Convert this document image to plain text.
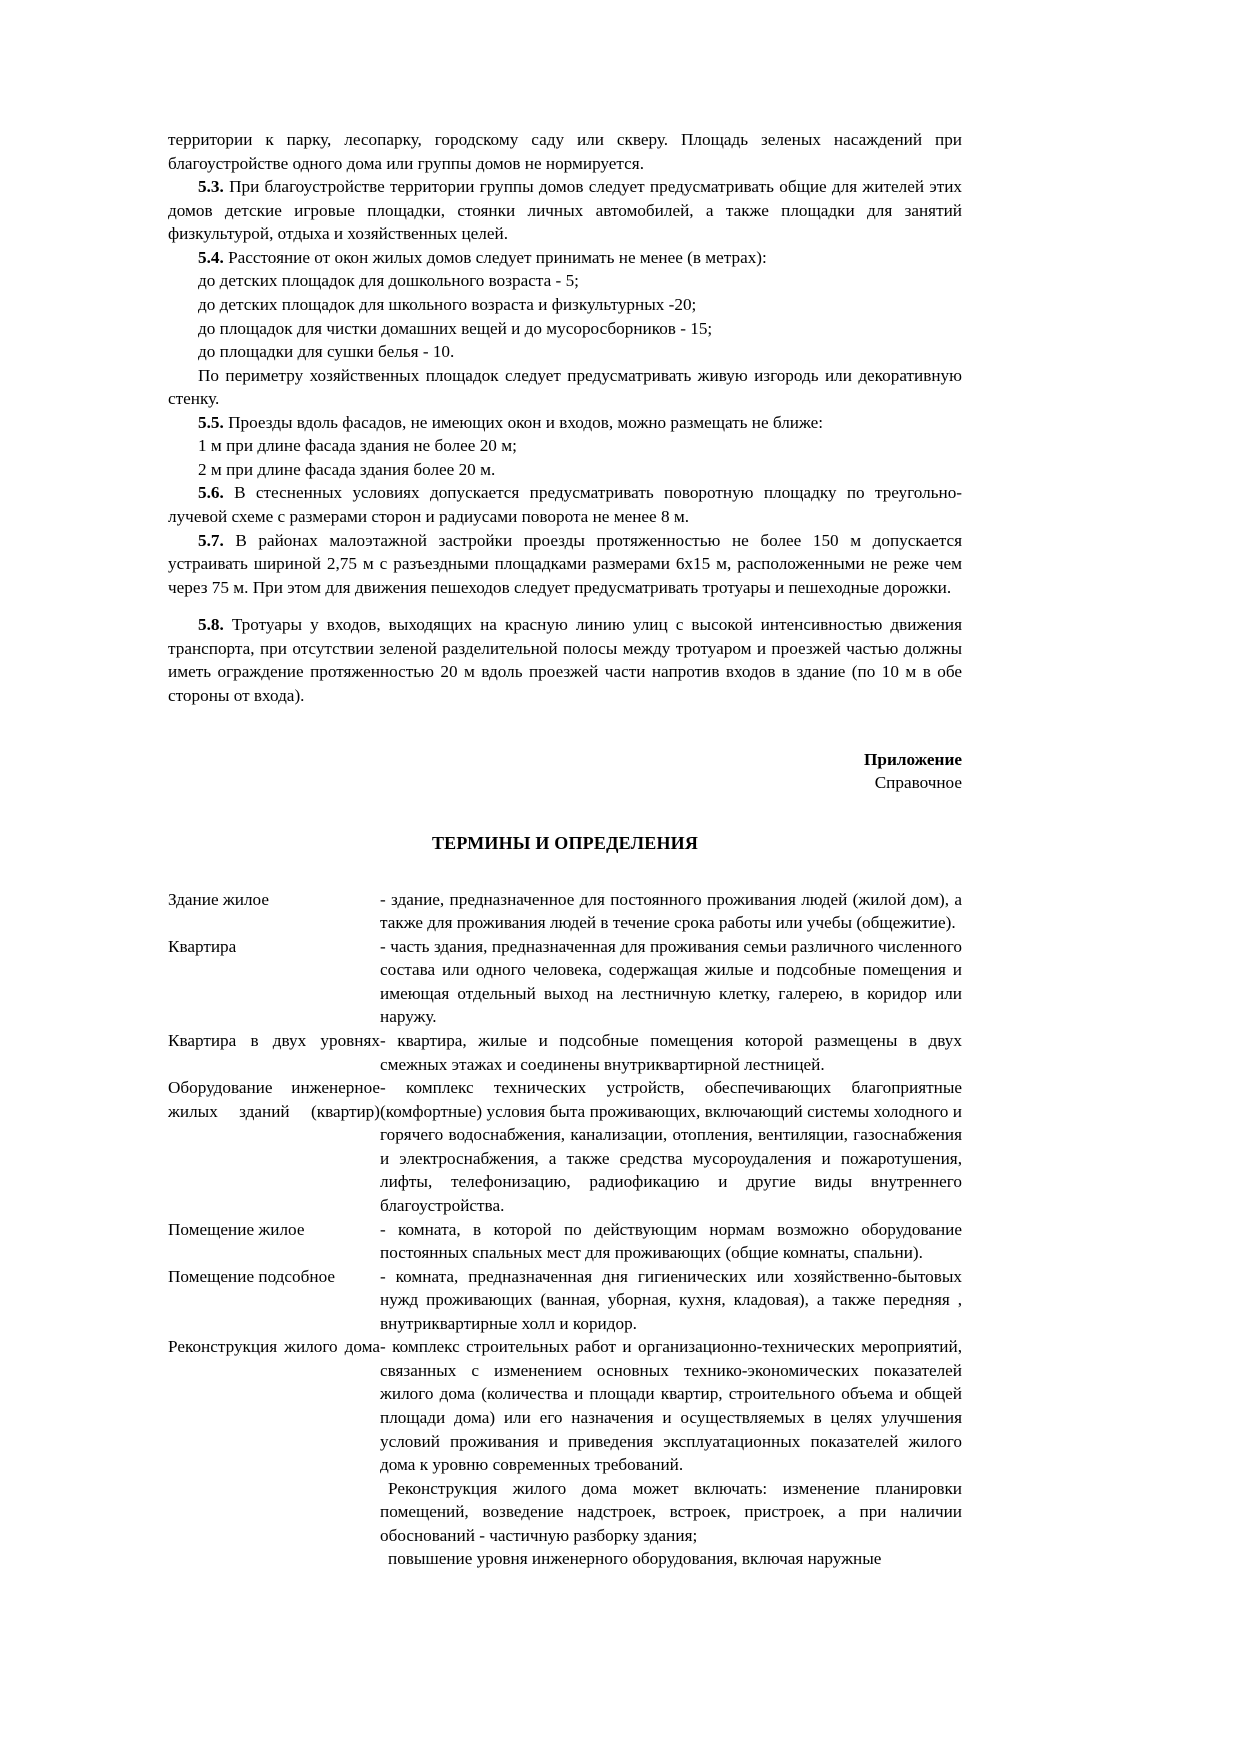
территории к парку, лесопарку, городскому саду или скверу. Площадь зеленых насаждений при благоустройстве одного дома или группы домов не нормируется.

5.3. При благоустройстве территории группы домов следует предусматривать общие для жителей этих домов детские игровые площадки, стоянки личных автомобилей, а также площадки для занятий физкультурой, отдыха и хозяйственных целей.

5.4. Расстояние от окон жилых домов следует принимать не менее (в метрах):

до детских площадок для дошкольного возраста - 5;

до детских площадок для школьного возраста и физкультурных -20;

до площадок для чистки домашних вещей и до мусоросборников - 15;

до площадки для сушки белья - 10.

По периметру хозяйственных площадок следует предусматривать живую изгородь или декоративную стенку.

5.5. Проезды вдоль фасадов, не имеющих окон и входов, можно размещать не ближе:

1 м при длине фасада здания не более 20 м;

2 м при длине фасада здания более 20 м.

5.6. В стесненных условиях допускается предусматривать поворотную площадку по треугольно-лучевой схеме с размерами сторон и радиусами поворота не менее 8 м.

5.7. В районах малоэтажной застройки проезды протяженностью не более 150 м допускается устраивать шириной 2,75 м с разъездными площадками размерами 6х15 м, расположенными не реже чем через 75 м. При этом для движения пешеходов следует предусматривать тротуары и пешеходные дорожки.

5.8. Тротуары у входов, выходящих на красную линию улиц с высокой интенсивностью движения транспорта, при отсутствии зеленой разделительной полосы между тротуаром и проезжей частью должны иметь ограждение протяженностью 20 м вдоль проезжей части напротив входов в здание (по 10 м в обе стороны от входа).

Приложение
Справочное
ТЕРМИНЫ И ОПРЕДЕЛЕНИЯ
Здание жилое	- здание, предназначенное для постоянного проживания людей (жилой дом), а также для проживания людей в течение срока работы или учебы (общежитие).

Квартира	- часть здания, предназначенная для проживания семьи различного численного состава или одного человека, содержащая жилые и подсобные помещения и имеющая отдельный выход на лестничную клетку, галерею, в коридор или наружу.

Квартира в двух уровнях	- квартира, жилые и подсобные помещения которой размещены в двух смежных этажах и соединены внутриквартирной лестницей.

Оборудование инженерное жилых зданий (квартир)	- комплекс технических устройств, обеспечивающих благоприятные (комфортные) условия быта проживающих, включающий системы холодного и горячего водоснабжения, канализации, отопления, вентиляции, газоснабжения и электроснабжения, а также средства мусороудаления и пожаротушения, лифты, телефонизацию, радиофикацию и другие виды внутреннего благоустройства.

Помещение жилое	- комната, в которой по действующим нормам возможно оборудование постоянных спальных мест для проживающих (общие комнаты, спальни).

Помещение подсобное	- комната, предназначенная дня гигиенических или хозяйственно-бытовых нужд проживающих (ванная, уборная, кухня, кладовая), а также передняя , внутриквартирные холл и коридор.

Реконструкция жилого дома	- комплекс строительных работ и организационно-технических мероприятий, связанных с изменением основных технико-экономических показателей жилого дома (количества и площади квартир, строительного объема и общей площади дома) или его назначения и осуществляемых в целях улучшения условий проживания и приведения эксплуатационных показателей жилого дома к уровню современных требований.

Реконструкция жилого дома может включать: изменение планировки помещений, возведение надстроек, встроек, пристроек, а при наличии обоснований - частичную разборку здания;

повышение уровня инженерного оборудования, включая наружные
